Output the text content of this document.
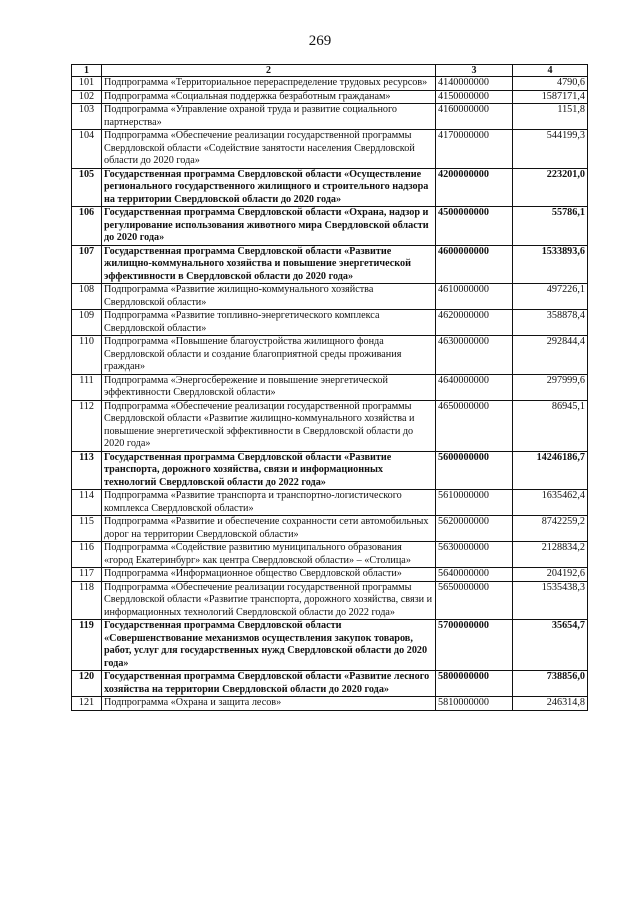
269
1	2	3	4
101	Подпрограмма «Территориальное перераспределение трудовых ресурсов»	4140000000	4790,6
102	Подпрограмма «Социальная поддержка безработным гражданам»	4150000000	1587171,4
103	Подпрограмма «Управление охраной труда и развитие социального партнерства»	4160000000	1151,8
104	Подпрограмма «Обеспечение реализации государственной программы Свердловской области «Содействие занятости населения Свердловской области до 2020 года»	4170000000	544199,3
105	Государственная программа Свердловской области «Осуществление регионального государственного жилищного и строительного надзора на территории Свердловской области до 2020 года»	4200000000	223201,0
106	Государственная программа Свердловской области «Охрана, надзор и регулирование использования животного мира Свердловской области до 2020 года»	4500000000	55786,1
107	Государственная программа Свердловской области «Развитие жилищно-коммунального хозяйства и повышение энергетической эффективности в Свердловской области до 2020 года»	4600000000	1533893,6
108	Подпрограмма «Развитие жилищно-коммунального хозяйства Свердловской области»	4610000000	497226,1
109	Подпрограмма «Развитие топливно-энергетического комплекса Свердловской области»	4620000000	358878,4
110	Подпрограмма «Повышение благоустройства жилищного фонда Свердловской области и создание благоприятной среды проживания граждан»	4630000000	292844,4
111	Подпрограмма «Энергосбережение и повышение энергетической эффективности Свердловской области»	4640000000	297999,6
112	Подпрограмма «Обеспечение реализации государственной программы Свердловской области «Развитие жилищно-коммунального хозяйства и повышение энергетической эффективности в Свердловской области до 2020 года»	4650000000	86945,1
113	Государственная программа Свердловской области «Развитие транспорта, дорожного хозяйства, связи и информационных технологий Свердловской области до 2022 года»	5600000000	14246186,7
114	Подпрограмма «Развитие транспорта и транспортно-логистического комплекса Свердловской области»	5610000000	1635462,4
115	Подпрограмма «Развитие и обеспечение сохранности сети автомобильных дорог на территории Свердловской области»	5620000000	8742259,2
116	Подпрограмма «Содействие развитию муниципального образования «город Екатеринбург» как центра Свердловской области» – «Столица»	5630000000	2128834,2
117	Подпрограмма «Информационное общество Свердловской области»	5640000000	204192,6
118	Подпрограмма «Обеспечение реализации государственной программы Свердловской области «Развитие транспорта, дорожного хозяйства, связи и информационных технологий Свердловской области до 2022 года»	5650000000	1535438,3
119	Государственная программа Свердловской области «Совершенствование механизмов осуществления закупок товаров, работ, услуг для государственных нужд Свердловской области до 2020 года»	5700000000	35654,7
120	Государственная программа Свердловской области «Развитие лесного хозяйства на территории Свердловской области до 2020 года»	5800000000	738856,0
121	Подпрограмма «Охрана и защита лесов»	5810000000	246314,8
